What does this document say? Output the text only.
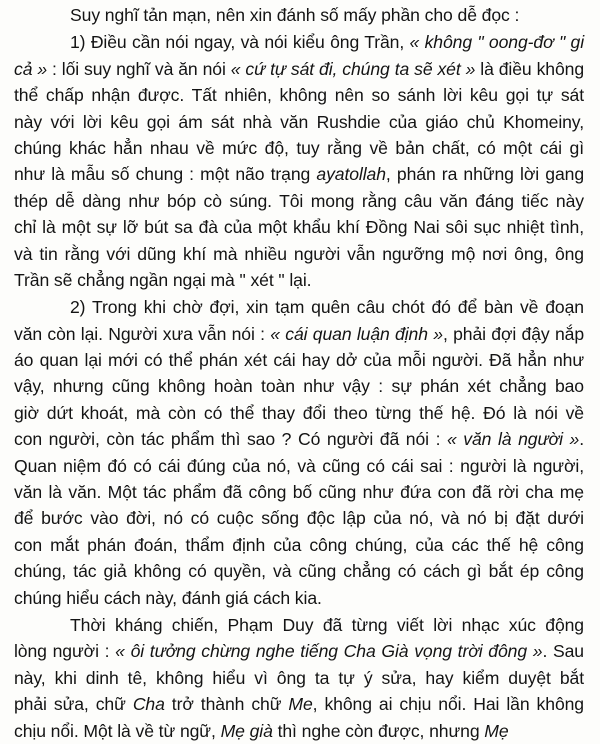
Suy nghĩ tản mạn, nên xin đánh số mấy phần cho dễ đọc :
1) Điều cần nói ngay, và nói kiểu ông Trần, « không " oong-đơ " gi
cả » : lối suy nghĩ và ăn nói « cứ tự sát đi, chúng ta sẽ xét » là điều không
thể chấp nhận được. Tất nhiên, không nên so sánh lời kêu gọi tự sát
này với lời kêu gọi ám sát nhà văn Rushdie của giáo chủ Khomeiny,
chúng khác hẳn nhau về mức độ, tuy rằng về bản chất, có một cái gì
như là mẫu số chung : một não trạng ayatollah, phán ra những lời gang
thép dễ dàng như bóp cò súng. Tôi mong rằng câu văn đáng tiếc này
chỉ là một sự lỡ bút sa đà của một khẩu khí Đồng Nai sôi sục nhiệt tình,
và tin rằng với dũng khí mà nhiều người vẫn ngưỡng mộ nơi ông, ông
Trần sẽ chẳng ngần ngại mà " xét " lại.
2) Trong khi chờ đợi, xin tạm quên câu chót đó để bàn về đoạn
văn còn lại. Người xưa vẫn nói : « cái quan luận định », phải đợi đậy nắp
áo quan lại mới có thể phán xét cái hay dở của mỗi người. Đã hẳn như
vậy, nhưng cũng không hoàn toàn như vậy : sự phán xét chẳng bao
giờ dứt khoát, mà còn có thể thay đổi theo từng thế hệ. Đó là nói về
con người, còn tác phẩm thì sao ? Có người đã nói : « văn là người ».
Quan niệm đó có cái đúng của nó, và cũng có cái sai : người là người,
văn là văn. Một tác phẩm đã công bố cũng như đứa con đã rời cha mẹ
để bước vào đời, nó có cuộc sống độc lập của nó, và nó bị đặt dưới
con mắt phán đoán, thẩm định của công chúng, của các thế hệ công
chúng, tác giả không có quyền, và cũng chẳng có cách gì bắt ép công
chúng hiểu cách này, đánh giá cách kia.
Thời kháng chiến, Phạm Duy đã từng viết lời nhạc xúc động
lòng người : « ôi tưởng chừng nghe tiếng Cha Già vọng trời đông ». Sau
này, khi dinh tê, không hiểu vì ông ta tự ý sửa, hay kiểm duyệt bắt
phải sửa, chữ Cha trở thành chữ Me, không ai chịu nổi. Hai lần không
chịu nổi. Một là về từ ngữ, Mẹ già thì nghe còn được, nhưng Mẹ
